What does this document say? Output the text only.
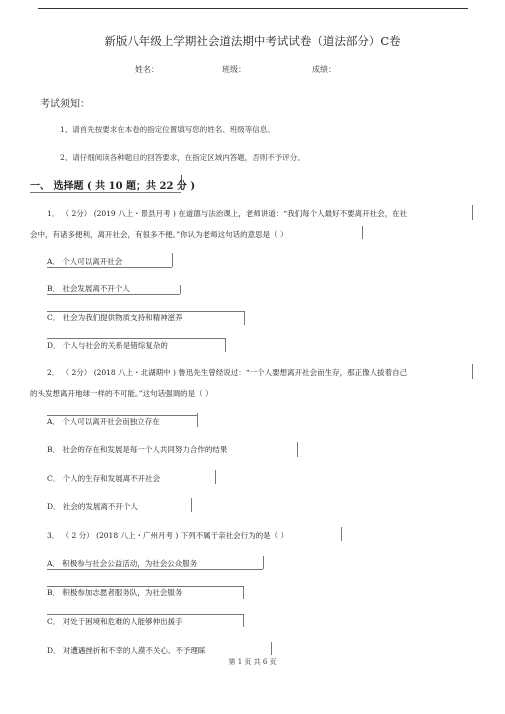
新版八年级上学期社会道法期中考试试卷（道法部分）C卷
姓名：	班级：	成绩：
考试须知：
1、请首先按要求在本卷的指定位置填写您的姓名、班级等信息。
2、请仔细阅读各种题目的回答要求，在指定区域内答题，否则不予评分。
一、 选择题 ( 共 10 题；共 22 分 )
1． （ 2分） (2019 八上・景县月考 ) 在道德与法治课上，老师讲道：“我们每个人最好不要离开社会，在社
会中，有诸多便利，离开社会，有很多不便。”你认为老师这句话的意思是（ ）
A． 个人可以离开社会
B． 社会发展离不开个人
C． 社会为我们提供物质支持和精神滋养
D． 个人与社会的关系是错综复杂的
2． （ 2分） (2018 八上・北湖期中 ) 鲁迅先生曾经说过：“一个人要想离开社会而生存，那正像人拔着自己
的头发想离开地球一样的不可能。”这句话强调的是（ ）
A． 个人可以离开社会而独立存在
B． 社会的存在和发展是每一个人共同努力合作的结果
C． 个人的生存和发展离不开社会
D． 社会的发展离不开个人
3． （ 2 分） (2018 八上・广州月考 ) 下列不属于亲社会行为的是（ ）
A． 积极参与社会公益活动，为社会公众服务
B． 积极参加志愿者服务队，为社会服务
C． 对处于困境和危难的人能够伸出援手
D． 对遭遇挫折和不幸的人漠不关心、不予理睬
第 1 页 共 6 页
